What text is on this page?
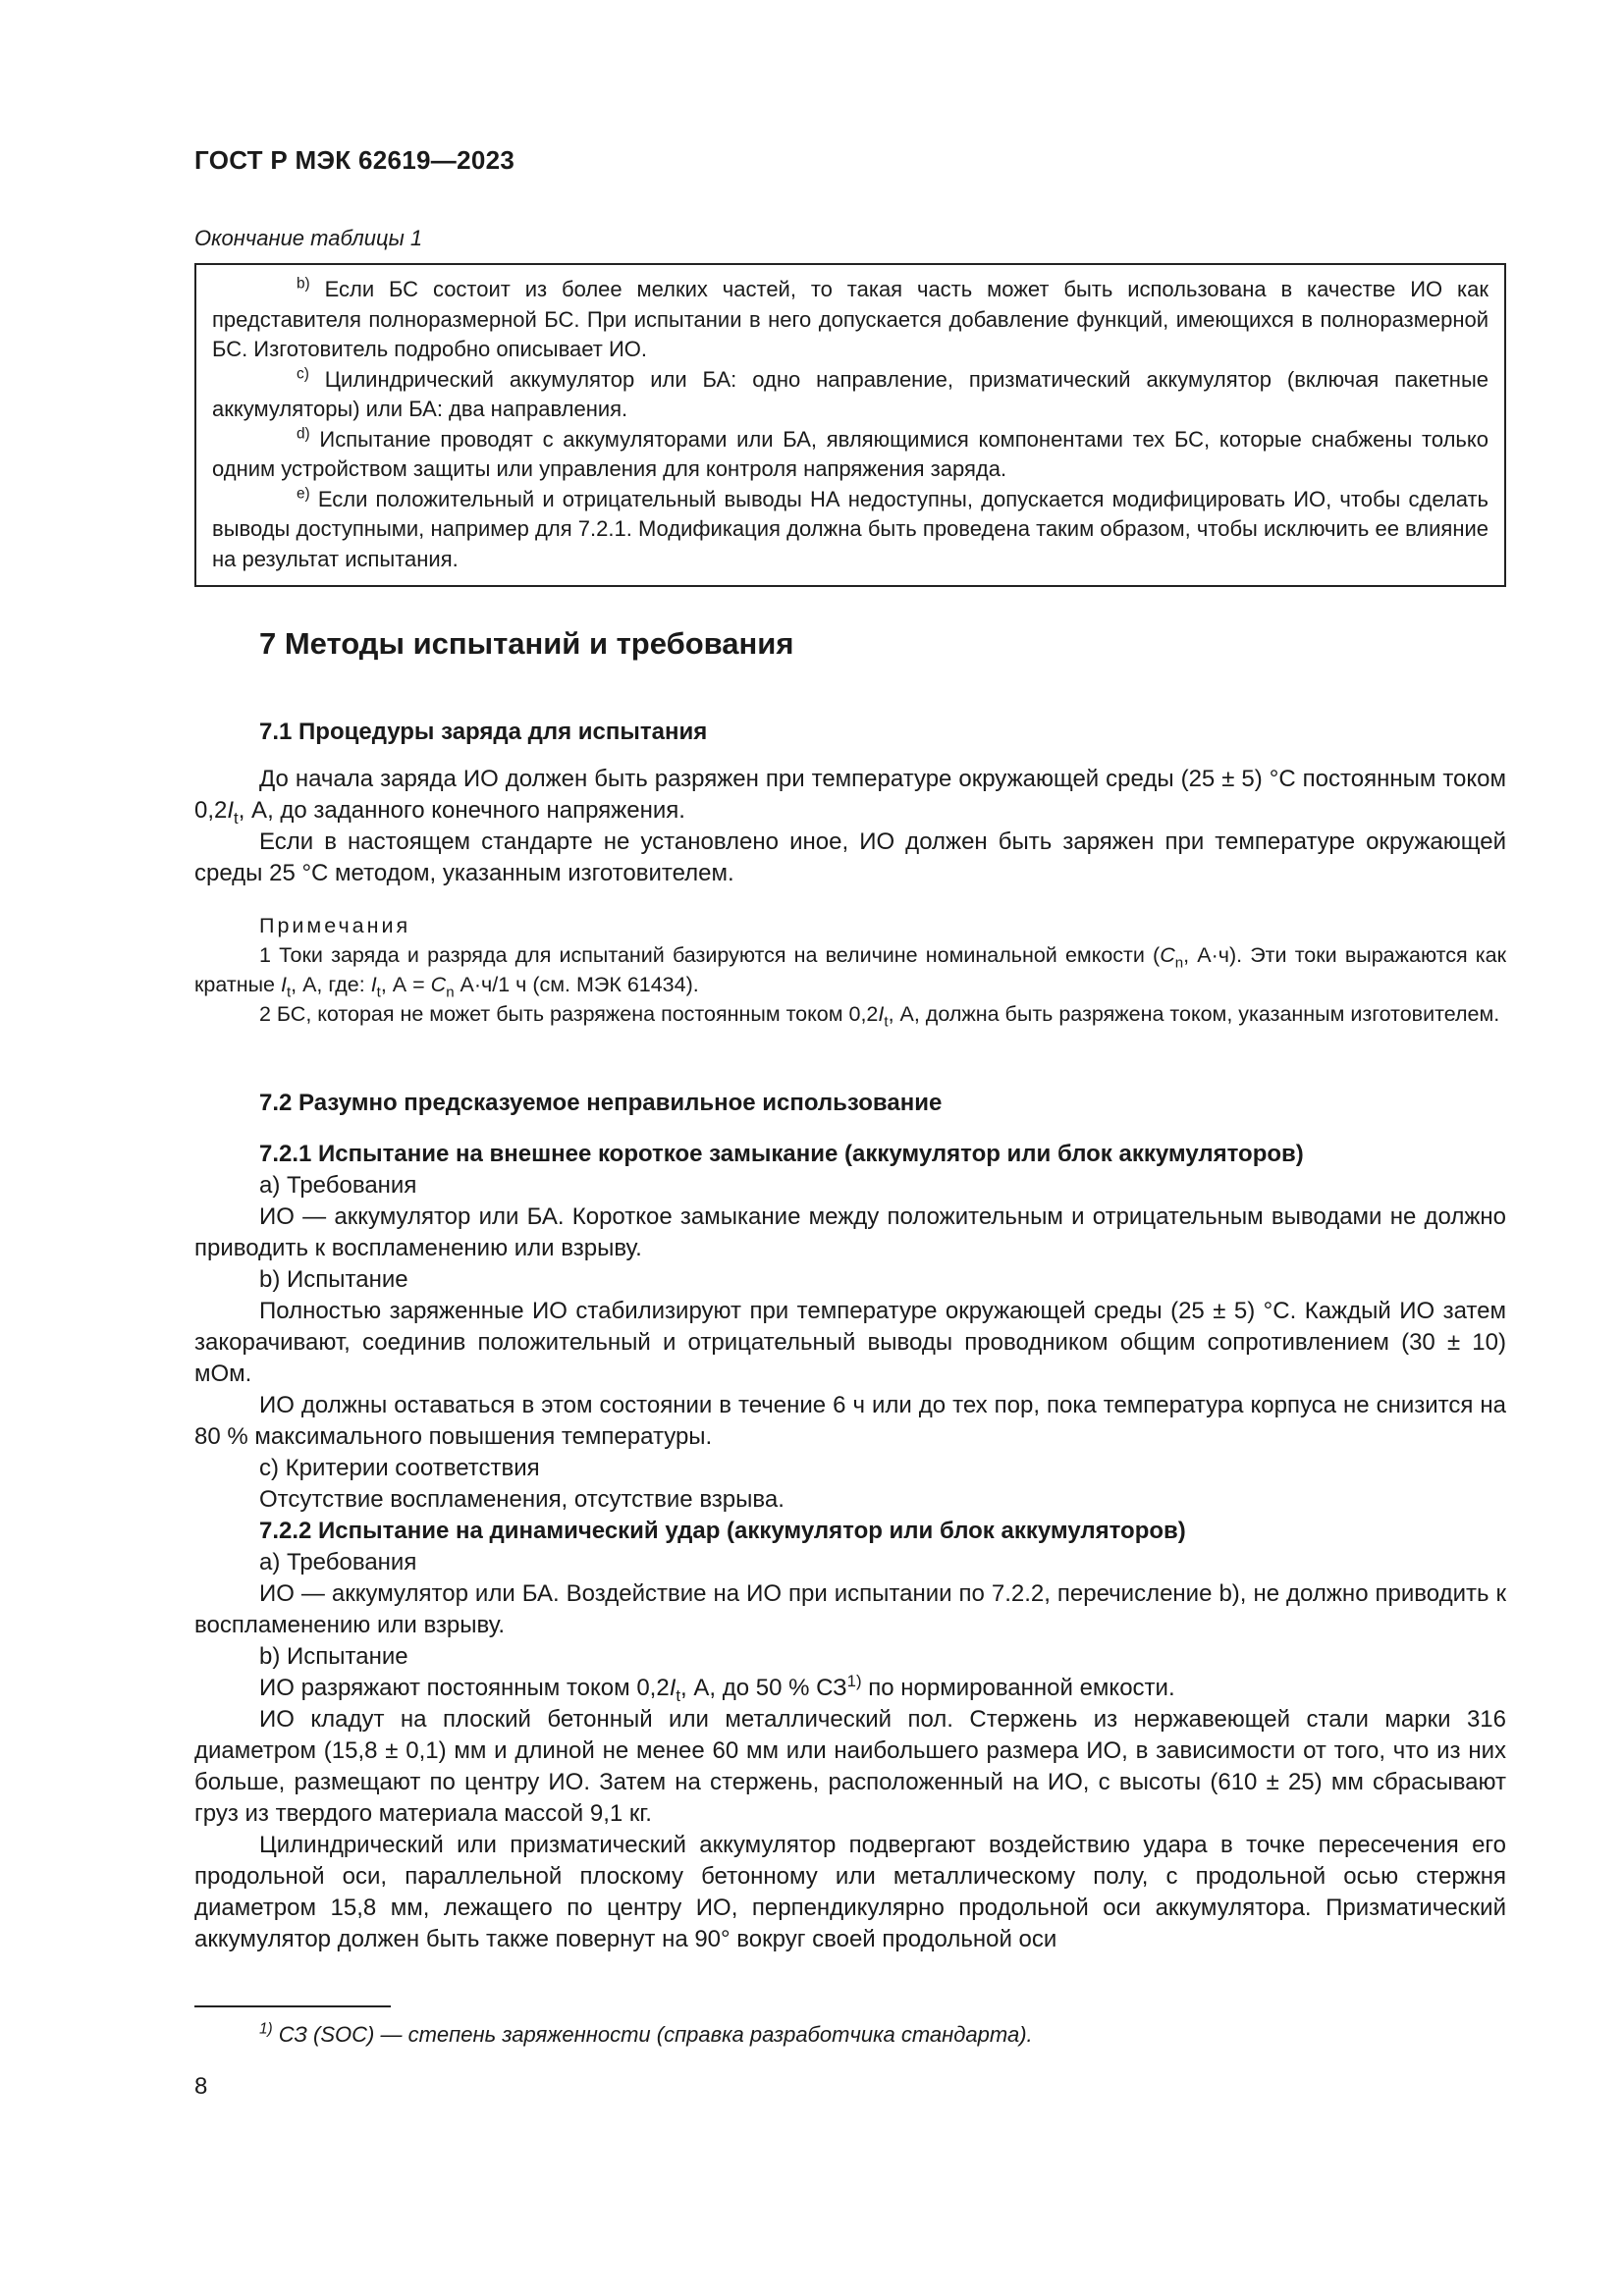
ГОСТ Р МЭК 62619—2023
Окончание таблицы 1

$^{b)}$ Если БС состоит из более мелких частей, то такая часть может быть использована в качестве ИО как представителя полноразмерной БС. При испытании в него допускается добавление функций, имеющихся в полноразмерной БС. Изготовитель подробно описывает ИО.

$^{c)}$ Цилиндрический аккумулятор или БА: одно направление, призматический аккумулятор (включая пакетные аккумуляторы) или БА: два направления.

$^{d)}$ Испытание проводят с аккумуляторами или БА, являющимися компонентами тех БС, которые снабжены только одним устройством защиты или управления для контроля напряжения заряда.

$^{e)}$ Если положительный и отрицательный выводы НА недоступны, допускается модифицировать ИО, чтобы сделать выводы доступными, например для 7.2.1. Модификация должна быть проведена таким образом, чтобы исключить ее влияние на результат испытания.

7 Методы испытаний и требования
7.1 Процедуры заряда для испытания

До начала заряда ИО должен быть разряжен при температуре окружающей среды (25 ± 5) °С постоянным током $0,2I_t$, А, до заданного конечного напряжения.

Если в настоящем стандарте не установлено иное, ИО должен быть заряжен при температуре окружающей среды 25 °С методом, указанным изготовителем.

Примечания

1 Токи заряда и разряда для испытаний базируются на величине номинальной емкости ($C_n$, А·ч). Эти токи выражаются как кратные $I_t$, А, где: $I_t$, $А = C_n$ А·ч/1 ч (см. МЭК 61434).

2 БС, которая не может быть разряжена постоянным током $0,2I_t$, А, должна быть разряжена током, указанным изготовителем.

7.2 Разумно предсказуемое неправильное использование

7.2.1 Испытание на внешнее короткое замыкание (аккумулятор или блок аккумуляторов)

a) Требования

ИО — аккумулятор или БА. Короткое замыкание между положительным и отрицательным выводами не должно приводить к воспламенению или взрыву.

b) Испытание

Полностью заряженные ИО стабилизируют при температуре окружающей среды (25 ± 5) °С. Каждый ИО затем закорачивают, соединив положительный и отрицательный выводы проводником общим сопротивлением (30 ± 10) мОм.

ИО должны оставаться в этом состоянии в течение 6 ч или до тех пор, пока температура корпуса не снизится на 80 % максимального повышения температуры.

c) Критерии соответствия

Отсутствие воспламенения, отсутствие взрыва.

7.2.2 Испытание на динамический удар (аккумулятор или блок аккумуляторов)

a) Требования

ИО — аккумулятор или БА. Воздействие на ИО при испытании по 7.2.2, перечисление b), не должно приводить к воспламенению или взрыву.

b) Испытание

ИО разряжают постоянным током $0,2I_t$, А, до 50 % СЗ$^{1)}$ по нормированной емкости.

ИО кладут на плоский бетонный или металлический пол. Стержень из нержавеющей стали марки 316 диаметром (15,8 ± 0,1) мм и длиной не менее 60 мм или наибольшего размера ИО, в зависимости от того, что из них больше, размещают по центру ИО. Затем на стержень, расположенный на ИО, с высоты (610 ± 25) мм сбрасывают груз из твердого материала массой 9,1 кг.

Цилиндрический или призматический аккумулятор подвергают воздействию удара в точке пересечения его продольной оси, параллельной плоскому бетонному или металлическому полу, с продольной осью стержня диаметром 15,8 мм, лежащего по центру ИО, перпендикулярно продольной оси аккумулятора. Призматический аккумулятор должен быть также повернут на 90° вокруг своей продольной оси

$^{1)}$ СЗ (SOC) — степень заряженности (справка разработчика стандарта).
8
